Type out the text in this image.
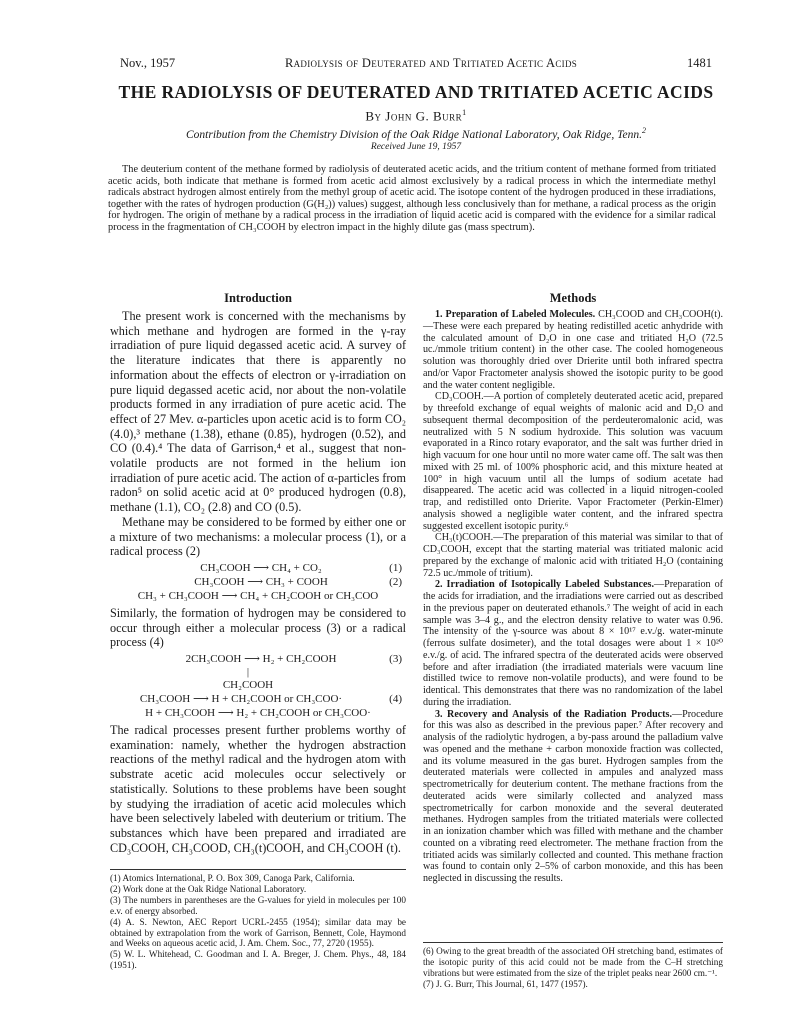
Nov., 1957	Radiolysis of Deuterated and Tritiated Acetic Acids	1481
THE RADIOLYSIS OF DEUTERATED AND TRITIATED ACETIC ACIDS
By John G. Burr$^1$
Contribution from the Chemistry Division of the Oak Ridge National Laboratory, Oak Ridge, Tenn.$^2$
Received June 19, 1957

The deuterium content of the methane formed by radiolysis of deuterated acetic acids, and the tritium content of methane formed from tritiated acetic acids, both indicate that methane is formed from acetic acid almost exclusively by a radical process in which the intermediate methyl radicals abstract hydrogen almost entirely from the methyl group of acetic acid. The isotope content of the hydrogen produced in these irradiations, together with the rates of hydrogen production (G(H₂)) values) suggest, although less conclusively than for methane, a radical process as the origin for hydrogen. The origin of methane by a radical process in the irradiation of liquid acetic acid is compared with the evidence for a similar radical process in the fragmentation of CH₃COOH by electron impact in the highly dilute gas (mass spectrum).

Introduction

The present work is concerned with the mechanisms by which methane and hydrogen are formed in the γ-ray irradiation of pure liquid degassed acetic acid. A survey of the literature indicates that there is apparently no information about the effects of electron or γ-irradiation on pure liquid degassed acetic acid, nor about the non-volatile products formed in any irradiation of pure acetic acid. The effect of 27 Mev. α-particles upon acetic acid is to form CO₂ (4.0),³ methane (1.38), ethane (0.85), hydrogen (0.52), and CO (0.4).⁴ The data of Garrison,⁴ et al., suggest that non-volatile products are not formed in the helium ion irradiation of pure acetic acid. The action of α-particles from radon⁵ on solid acetic acid at 0° produced hydrogen (0.8), methane (1.1), CO₂ (2.8) and CO (0.5).

Methane may be considered to be formed by either one or a mixture of two mechanisms: a molecular process (1), or a radical process (2)

CH₃COOH ⟶ CH₄ + CO₂	(1)
CH₃COOH ⟶ CH₃ + COOH	(2)
CH₃ + CH₃COOH ⟶ CH₄ + CH₂COOH or CH₃COO

Similarly, the formation of hydrogen may be considered to occur through either a molecular process (3) or a radical process (4)

2CH₃COOH ⟶ H₂ + CH₂COOH	(3)
|
CH₂COOH
CH₃COOH ⟶ H + CH₂COOH or CH₃COO·	(4)
H + CH₃COOH ⟶ H₂ + CH₂COOH or CH₃COO·

The radical processes present further problems worthy of examination: namely, whether the hydrogen abstraction reactions of the methyl radical and the hydrogen atom with substrate acetic acid molecules occur selectively or statistically. Solutions to these problems have been sought by studying the irradiation of acetic acid molecules which have been selectively labeled with deuterium or tritium. The substances which have been prepared and irradiated are CD₃COOH, CH₃COOD, CH₃(t)COOH, and CH₃COOH (t).

Methods

1. Preparation of Labeled Molecules. CH₃COOD and CH₃COOH(t).—These were each prepared by heating redistilled acetic anhydride with the calculated amount of D₂O in one case and tritiated H₂O (72.5 uc./mmole tritium content) in the other case. The cooled homogeneous solution was thoroughly dried over Drierite until both infrared spectra and/or Vapor Fractometer analysis showed the isotopic purity to be good and the water content negligible.

CD₃COOH.—A portion of completely deuterated acetic acid, prepared by threefold exchange of equal weights of malonic acid and D₂O and subsequent thermal decomposition of the perdeuteromalonic acid, was neutralized with 5 N sodium hydroxide. This solution was vacuum evaporated in a Rinco rotary evaporator, and the salt was further dried in high vacuum for one hour until no more water came off. The salt was then mixed with 25 ml. of 100% phosphoric acid, and this mixture heated at 100° in high vacuum until all the lumps of sodium acetate had disappeared. The acetic acid was collected in a liquid nitrogen-cooled trap, and redistilled onto Drierite. Vapor Fractometer (Perkin-Elmer) analysis showed a negligible water content, and the infrared spectra suggested excellent isotopic purity.⁶

CH₃(t)COOH.—The preparation of this material was similar to that of CD₃COOH, except that the starting material was tritiated malonic acid prepared by the exchange of malonic acid with tritiated H₂O (containing 72.5 uc./mmole of tritium).

2. Irradiation of Isotopically Labeled Substances.—Preparation of the acids for irradiation, and the irradiations were carried out as described in the previous paper on deuterated ethanols.⁷ The weight of acid in each sample was 3–4 g., and the electron density relative to water was 0.96. The intensity of the γ-source was about 8 × 10¹⁷ e.v./g. water-minute (ferrous sulfate dosimeter), and the total dosages were about 1 × 10²⁰ e.v./g. of acid. The infrared spectra of the deuterated acids were observed before and after irradiation (the irradiated materials were vacuum line distilled twice to remove non-volatile products), and were found to be identical. This demonstrates that there was no randomization of the label during the irradiation.

3. Recovery and Analysis of the Radiation Products.—Procedure for this was also as described in the previous paper.⁷ After recovery and analysis of the radiolytic hydrogen, a by-pass around the palladium valve was opened and the methane + carbon monoxide fraction was collected, and its volume measured in the gas buret. Hydrogen samples from the deuterated materials were collected in ampules and analyzed mass spectrometrically for deuterium content. The methane fractions from the deuterated acids were similarly collected and analyzed mass spectrometrically for carbon monoxide and the several deuterated methanes. Hydrogen samples from the tritiated materials were collected in an ionization chamber which was filled with methane and the chamber counted on a vibrating reed electrometer. The methane fraction from the tritiated acids was similarly collected and counted. This methane fraction was found to contain only 2–5% of carbon monoxide, and this has been neglected in discussing the results.

(1) Atomics International, P. O. Box 309, Canoga Park, California.

(2) Work done at the Oak Ridge National Laboratory.

(3) The numbers in parentheses are the G-values for yield in molecules per 100 e.v. of energy absorbed.

(4) A. S. Newton, AEC Report UCRL-2455 (1954); similar data may be obtained by extrapolation from the work of Garrison, Bennett, Cole, Haymond and Weeks on aqueous acetic acid, J. Am. Chem. Soc., 77, 2720 (1955).

(5) W. L. Whitehead, C. Goodman and I. A. Breger, J. Chem. Phys., 48, 184 (1951).

(6) Owing to the great breadth of the associated OH stretching band, estimates of the isotopic purity of this acid could not be made from the C–H stretching vibrations but were estimated from the size of the triplet peaks near 2600 cm.⁻¹.

(7) J. G. Burr, This Journal, 61, 1477 (1957).
